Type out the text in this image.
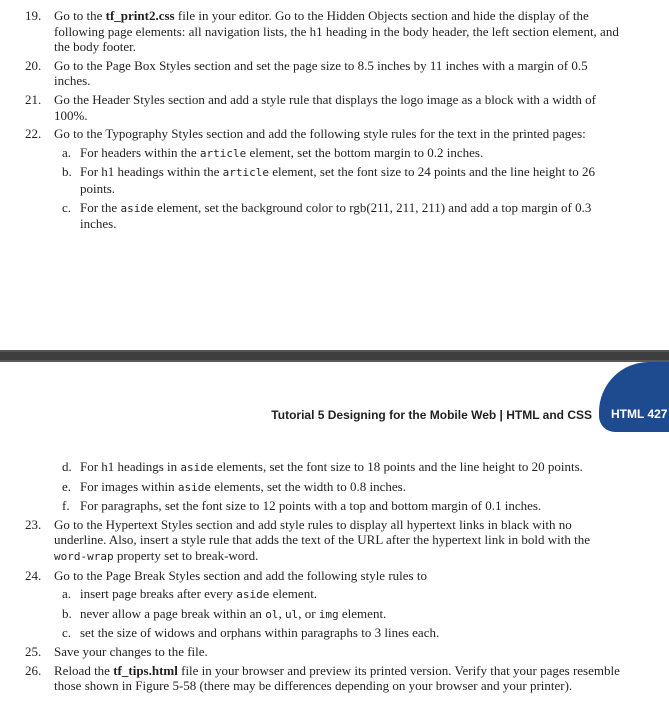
19. Go to the tf_print2.css file in your editor. Go to the Hidden Objects section and hide the display of the following page elements: all navigation lists, the h1 heading in the body header, the left section element, and the body footer.
20. Go to the Page Box Styles section and set the page size to 8.5 inches by 11 inches with a margin of 0.5 inches.
21. Go the Header Styles section and add a style rule that displays the logo image as a block with a width of 100%.
22. Go to the Typography Styles section and add the following style rules for the text in the printed pages:
a. For headers within the article element, set the bottom margin to 0.2 inches.
b. For h1 headings within the article element, set the font size to 24 points and the line height to 26 points.
c. For the aside element, set the background color to rgb(211, 211, 211) and add a top margin of 0.3 inches.
HTML 427
Tutorial 5 Designing for the Mobile Web | HTML and CSS
d. For h1 headings in aside elements, set the font size to 18 points and the line height to 20 points.
e. For images within aside elements, set the width to 0.8 inches.
f. For paragraphs, set the font size to 12 points with a top and bottom margin of 0.1 inches.
23. Go to the Hypertext Styles section and add style rules to display all hypertext links in black with no underline. Also, insert a style rule that adds the text of the URL after the hypertext link in bold with the word-wrap property set to break-word.
24. Go to the Page Break Styles section and add the following style rules to
a. insert page breaks after every aside element.
b. never allow a page break within an ol, ul, or img element.
c. set the size of widows and orphans within paragraphs to 3 lines each.
25. Save your changes to the file.
26. Reload the tf_tips.html file in your browser and preview its printed version. Verify that your pages resemble those shown in Figure 5-58 (there may be differences depending on your browser and your printer).
